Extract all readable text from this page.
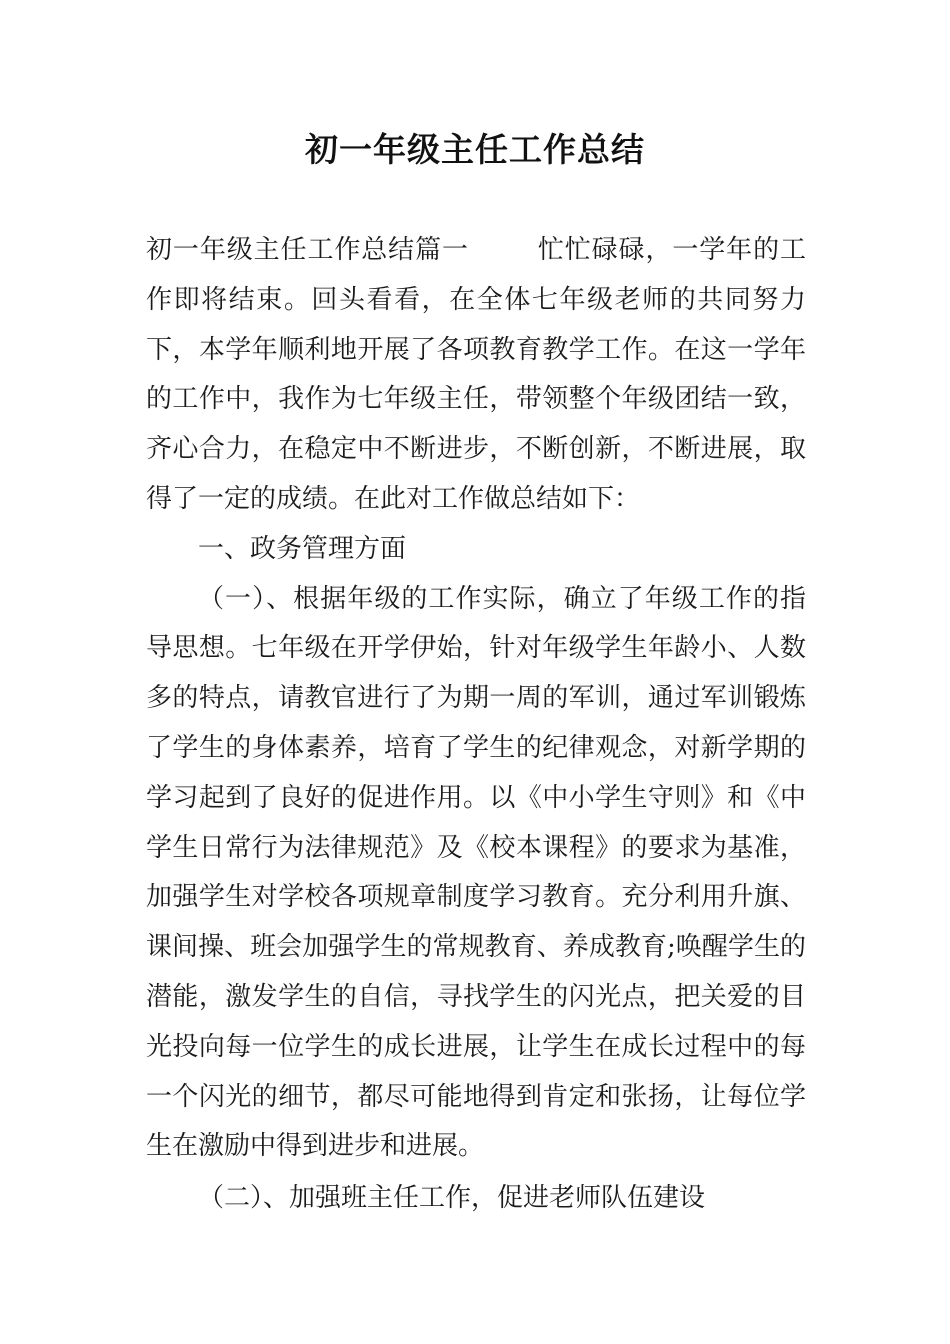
初一年级主任工作总结

初一年级主任工作总结篇一	忙忙碌碌，一学年的工作即将结束。回头看看，在全体七年级老师的共同努力下，本学年顺利地开展了各项教育教学工作。在这一学年的工作中，我作为七年级主任，带领整个年级团结一致，齐心合力，在稳定中不断进步，不断创新，不断进展，取得了一定的成绩。在此对工作做总结如下：

一、政务管理方面

（一）、根据年级的工作实际，确立了年级工作的指导思想。七年级在开学伊始，针对年级学生年龄小、人数多的特点，请教官进行了为期一周的军训，通过军训锻炼了学生的身体素养，培育了学生的纪律观念，对新学期的学习起到了良好的促进作用。以《中小学生守则》和《中学生日常行为法律规范》及《校本课程》的要求为基准，加强学生对学校各项规章制度学习教育。充分利用升旗、课间操、班会加强学生的常规教育、养成教育;唤醒学生的潜能，激发学生的自信，寻找学生的闪光点，把关爱的目光投向每一位学生的成长进展，让学生在成长过程中的每一个闪光的细节，都尽可能地得到肯定和张扬，让每位学生在激励中得到进步和进展。

（二）、加强班主任工作，促进老师队伍建设
